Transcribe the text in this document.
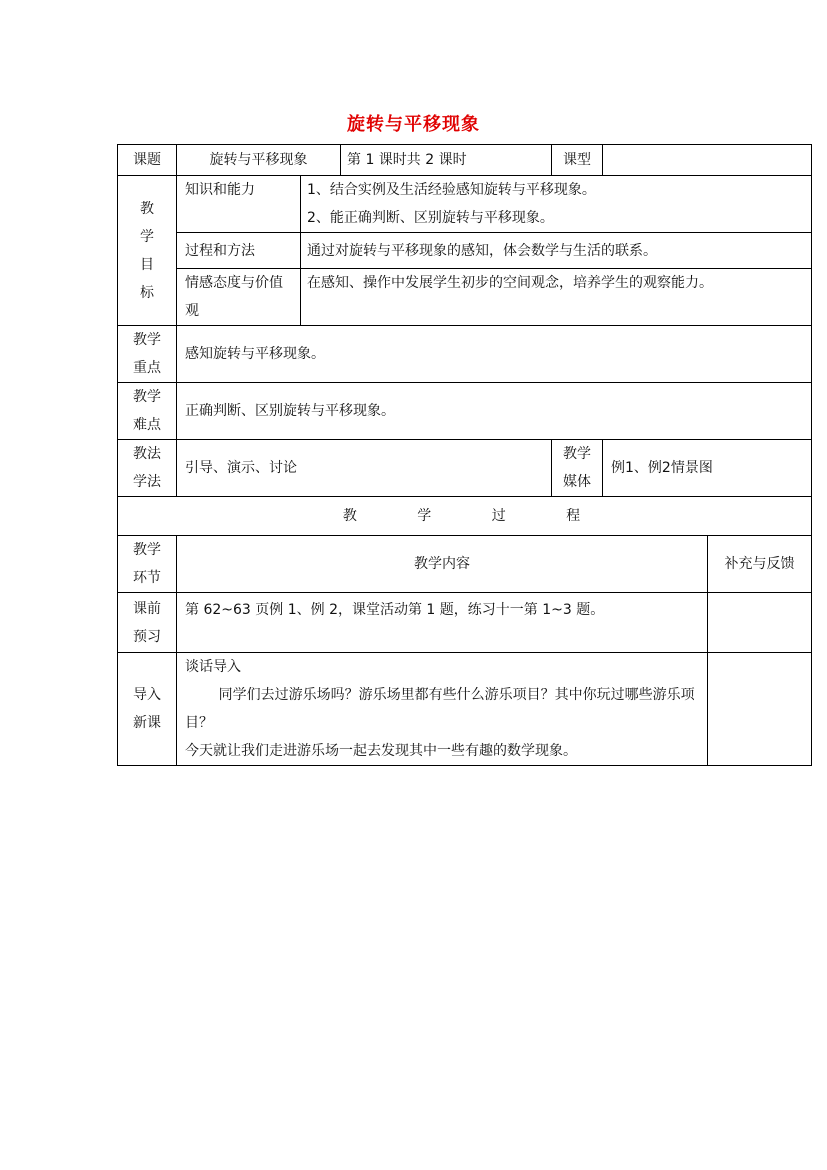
旋转与平移现象
课题	旋转与平移现象		第 1 课时共 2 课时	课型		

教学目标	知识和能力	1、结合实例及生活经验感知旋转与平移现象。
2、能正确判断、区别旋转与平移现象。				

	过程和方法	通过对旋转与平移现象的感知，体会数学与生活的联系。				

	情感态度与价值观	在感知、操作中发展学生初步的空间观念，培养学生的观察能力。				

教学重点	感知旋转与平移现象。					
教学难点	正确判断、区别旋转与平移现象。					
教法学法	引导、演示、讨论			教学媒体	例1、例2情景图	
教 学 过 程						
教学环节	教学内容					补充与反馈
课前预习	第 62~63 页例 1、例 2，课堂活动第 1 题，练习十一第 1~3 题。					

导入新课	谈话导入
同学们去过游乐场吗？游乐场里都有些什么游乐项目？其中你玩过哪些游乐项目？
今天就让我们走进游乐场一起去发现其中一些有趣的数学现象。					
